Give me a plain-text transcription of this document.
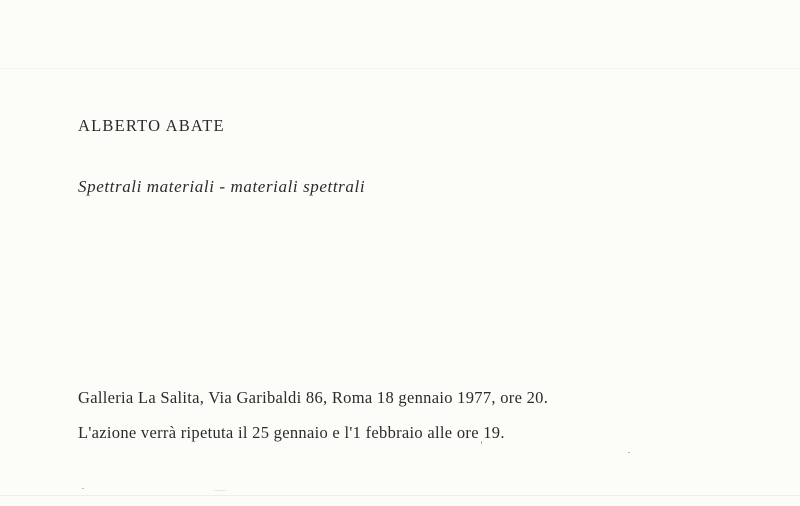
ALBERTO ABATE
Spettrali materiali - materiali spettrali
Galleria La Salita, Via Garibaldi 86, Roma 18 gennaio 1977, ore 20.
L'azione verrà ripetuta il 25 gennaio e l'1 febbraio alle ore 19.
